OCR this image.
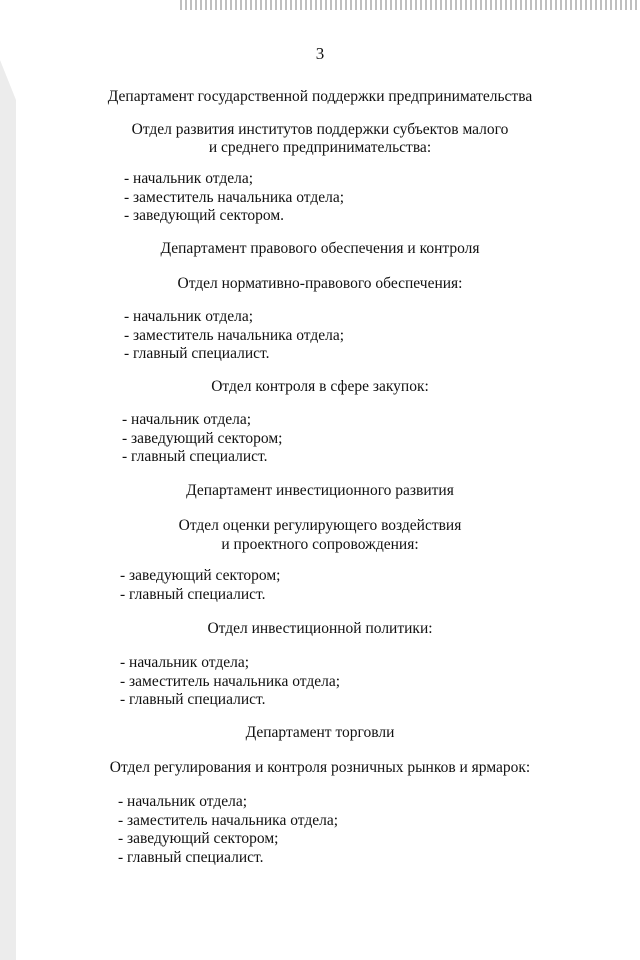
3
Департамент государственной поддержки предпринимательства
Отдел развития институтов поддержки субъектов малого
и среднего предпринимательства:
- начальник отдела;
- заместитель начальника отдела;
- заведующий сектором.
Департамент правового обеспечения и контроля
Отдел нормативно-правового обеспечения:
- начальник отдела;
- заместитель начальника отдела;
- главный специалист.
Отдел контроля в сфере закупок:
- начальник отдела;
- заведующий сектором;
- главный специалист.
Департамент инвестиционного развития
Отдел оценки регулирующего воздействия
и проектного сопровождения:
- заведующий сектором;
- главный специалист.
Отдел инвестиционной политики:
- начальник отдела;
- заместитель начальника отдела;
- главный специалист.
Департамент торговли
Отдел регулирования и контроля розничных рынков и ярмарок:
- начальник отдела;
- заместитель начальника отдела;
- заведующий сектором;
- главный специалист.
